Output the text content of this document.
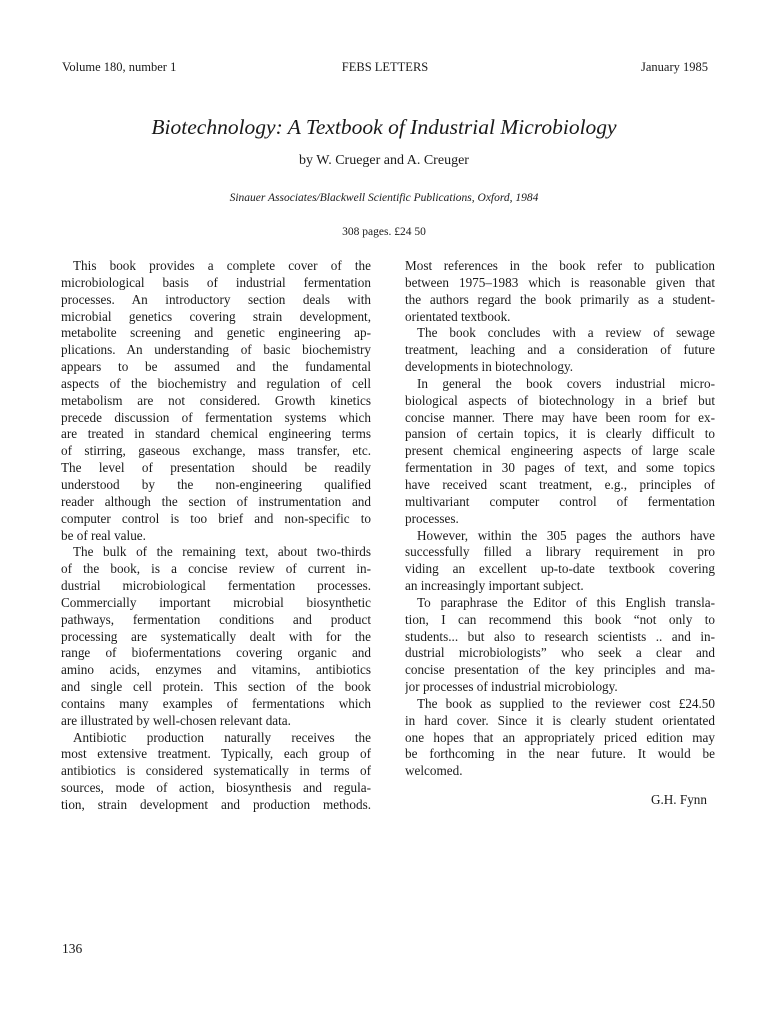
Volume 180, number 1	FEBS LETTERS	January 1985
Biotechnology: A Textbook of Industrial Microbiology
by W. Crueger and A. Creuger
Sinauer Associates/Blackwell Scientific Publications, Oxford, 1984
308 pages. £24 50
This book provides a complete cover of the
microbiological basis of industrial fermentation
processes. An introductory section deals with
microbial genetics covering strain development,
metabolite screening and genetic engineering ap-
plications. An understanding of basic biochemistry
appears to be assumed and the fundamental
aspects of the biochemistry and regulation of cell
metabolism are not considered. Growth kinetics
precede discussion of fermentation systems which
are treated in standard chemical engineering terms
of stirring, gaseous exchange, mass transfer, etc.
The level of presentation should be readily
understood by the non-engineering qualified
reader although the section of instrumentation and
computer control is too brief and non-specific to
be of real value.
The bulk of the remaining text, about two-thirds
of the book, is a concise review of current in-
dustrial microbiological fermentation processes.
Commercially important microbial biosynthetic
pathways, fermentation conditions and product
processing are systematically dealt with for the
range of biofermentations covering organic and
amino acids, enzymes and vitamins, antibiotics
and single cell protein. This section of the book
contains many examples of fermentations which
are illustrated by well-chosen relevant data.
Antibiotic production naturally receives the
most extensive treatment. Typically, each group of
antibiotics is considered systematically in terms of
sources, mode of action, biosynthesis and regula-
tion, strain development and production methods.
Most references in the book refer to publication
between 1975–1983 which is reasonable given that
the authors regard the book primarily as a student-
orientated textbook.
The book concludes with a review of sewage
treatment, leaching and a consideration of future
developments in biotechnology.
In general the book covers industrial micro-
biological aspects of biotechnology in a brief but
concise manner. There may have been room for ex-
pansion of certain topics, it is clearly difficult to
present chemical engineering aspects of large scale
fermentation in 30 pages of text, and some topics
have received scant treatment, e.g., principles of
multivariant computer control of fermentation
processes.
However, within the 305 pages the authors have
successfully filled a library requirement in pro
viding an excellent up-to-date textbook covering
an increasingly important subject.
To paraphrase the Editor of this English transla-
tion, I can recommend this book “not only to
students... but also to research scientists .. and in-
dustrial microbiologists” who seek a clear and
concise presentation of the key principles and ma-
jor processes of industrial microbiology.
The book as supplied to the reviewer cost £24.50
in hard cover. Since it is clearly student orientated
one hopes that an appropriately priced edition may
be forthcoming in the near future. It would be
welcomed.
G.H. Fynn
136
